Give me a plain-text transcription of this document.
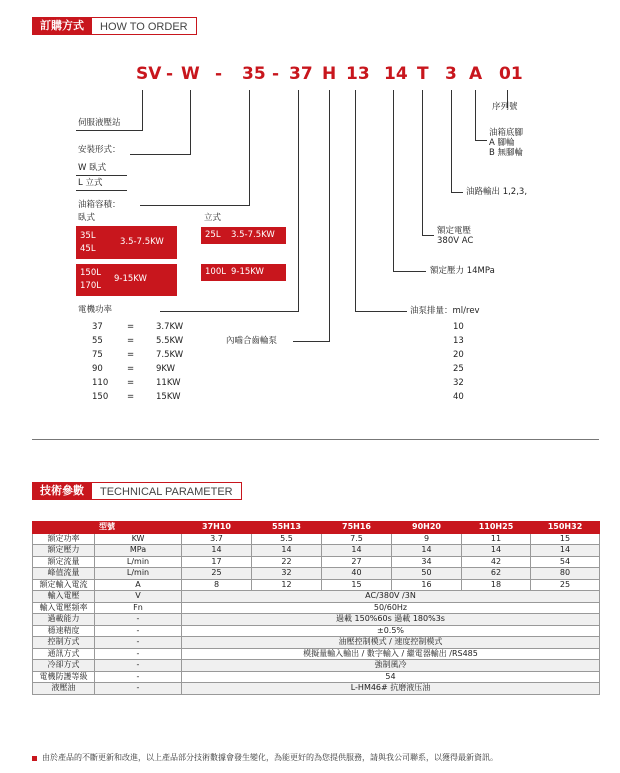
訂購方式	HOW TO ORDER
SV - W - 35 - 37 H 13 14 T 3 A 01
伺服液壓站
安裝形式：
W 臥式
L 立式
油箱容積：
臥式	立式
35L
45L
3.5-7.5KW
150L
170L
9-15KW
25L 3.5-7.5KW
100L 9-15KW
電機功率
內嚙合齒輪泵
油泵排量：ml/rev
額定壓力 14MPa
額定電壓
380V AC
油路輸出 1,2,3,
油箱底腳
A 腳輪
B 無腳輪
序列號
37	=	3.7KW	10
55	=	5.5KW	13
75	=	7.5KW	20
90	=	9KW	25
110 =	11KW	32
150 =	15KW	40
技術參數	TECHNICAL PARAMETER
型號		37H10	55H13	75H16	90H20	110H25	150H32
額定功率	KW	3.7	5.5	7.5	9	11	15
額定壓力	MPa	14	14	14	14	14	14
額定流量	L/min	17	22	27	34	42	54
峰值流量	L/min	25	32	40	50	62	80
額定輸入電流	A	8	12	15	16	18	25
輸入電壓	V	AC/380V /3N					
輸入電壓頻率	Fn	50/60Hz					
過載能力	-	過載 150%60s 過載 180%3s					
穩速精度	-	±0.5%					
控制方式	-	油壓控制模式 / 速度控制模式					
通訊方式	-	模擬量輸入輸出 / 數字輸入 / 繼電器輸出 /RS485					
冷卻方式	-	強制風冷					
電機防護等級	-	54					
液壓油	-	L-HM46# 抗磨液压油					
由於產品的不斷更新和改進，以上產品部分技術數據會發生變化，為能更好的為您提供服務，請與我公司聯系，以獲得最新資訊。
